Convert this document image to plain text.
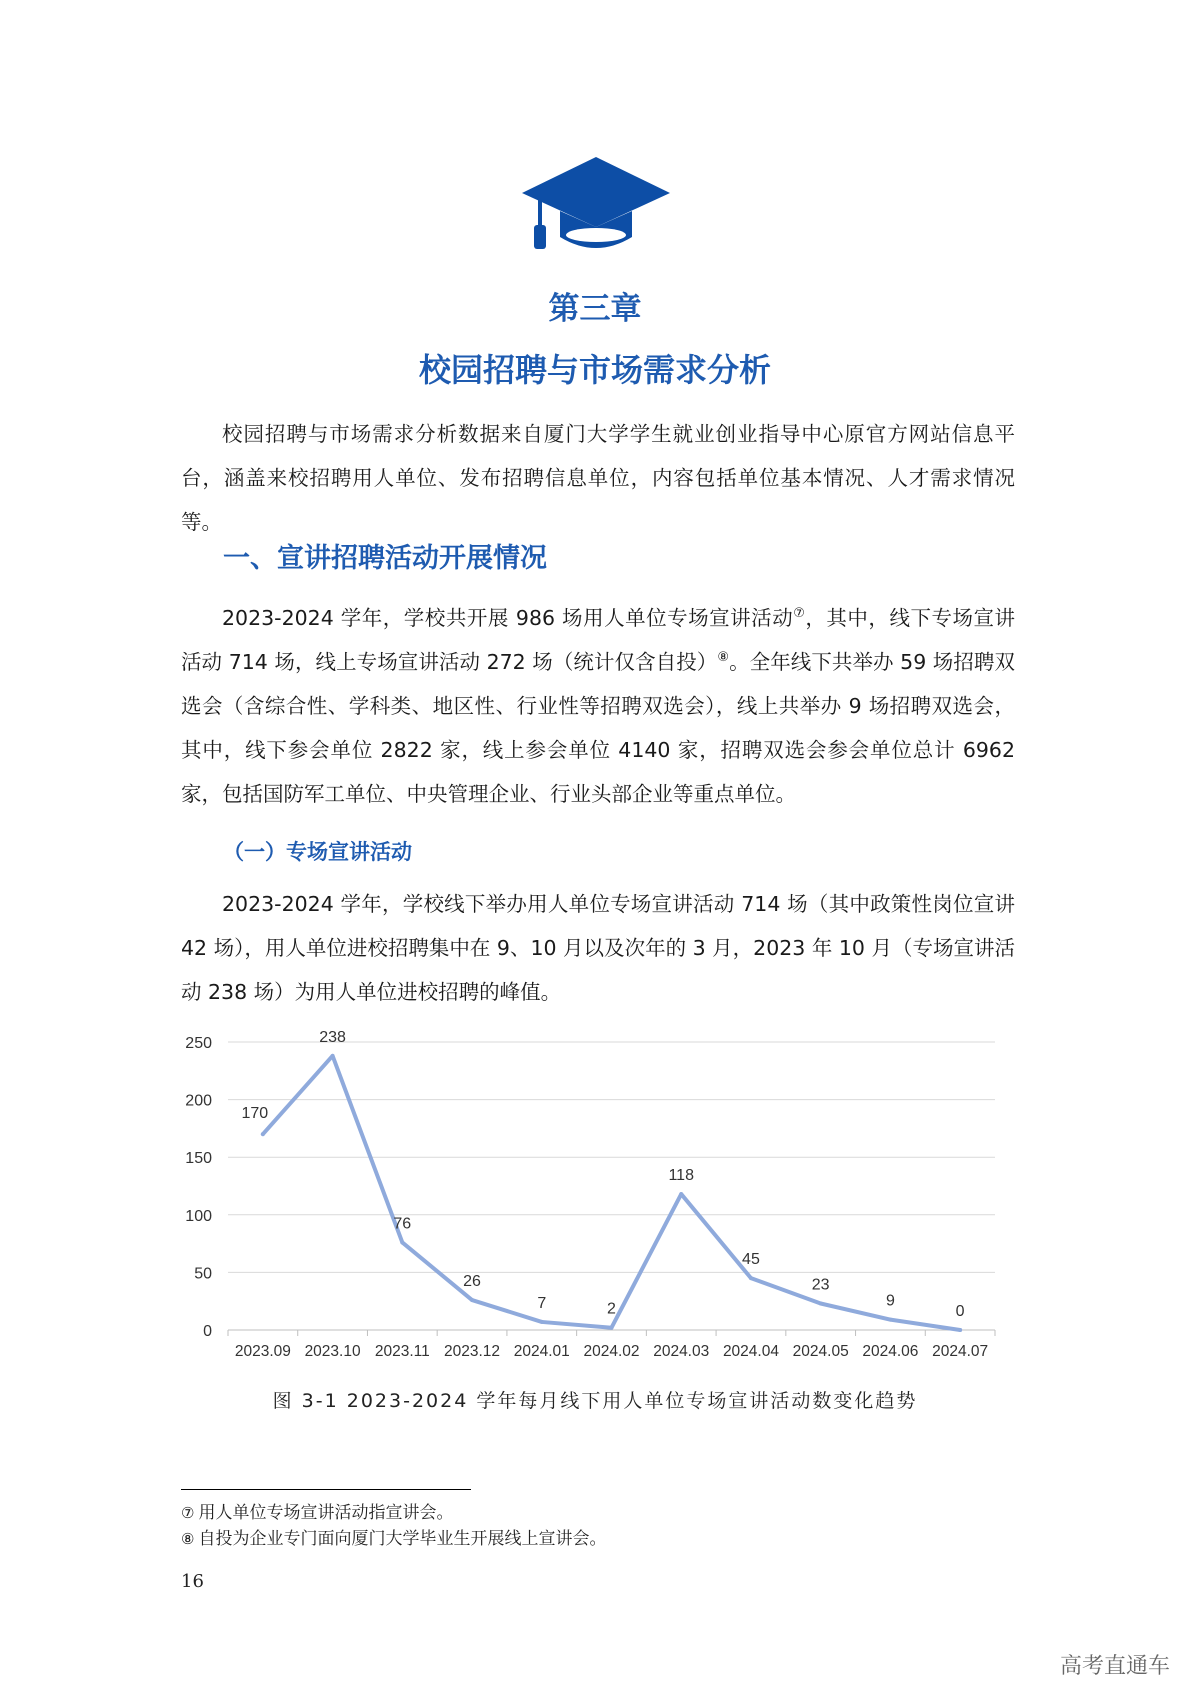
第三章
校园招聘与市场需求分析

校园招聘与市场需求分析数据来自厦门大学学生就业创业指导中心原官方网站信息平台，涵盖来校招聘用人单位、发布招聘信息单位，内容包括单位基本情况、人才需求情况等。

一、宣讲招聘活动开展情况

2023-2024 学年，学校共开展 986 场用人单位专场宣讲活动⑦，其中，线下专场宣讲活动 714 场，线上专场宣讲活动 272 场（统计仅含自投）⑧。全年线下共举办 59 场招聘双选会（含综合性、学科类、地区性、行业性等招聘双选会），线上共举办 9 场招聘双选会，其中，线下参会单位 2822 家，线上参会单位 4140 家，招聘双选会参会单位总计 6962 家，包括国防军工单位、中央管理企业、行业头部企业等重点单位。

（一）专场宣讲活动

2023-2024 学年，学校线下举办用人单位专场宣讲活动 714 场（其中政策性岗位宣讲 42 场），用人单位进校招聘集中在 9、10 月以及次年的 3 月，2023 年 10 月（专场宣讲活动 238 场）为用人单位进校招聘的峰值。

0
50
100
150
200
250
2023.09 2023.10 2023.11 2023.12 2024.01 2024.02 2024.03 2024.04 2024.05 2024.06 2024.07
170
238
76
26
7	2
118
45
23
9
0
图 3-1 2023-2024 学年每月线下用人单位专场宣讲活动数变化趋势
⑦ 用人单位专场宣讲活动指宣讲会。
⑧ 自投为企业专门面向厦门大学毕业生开展线上宣讲会。
16
高考直通车
